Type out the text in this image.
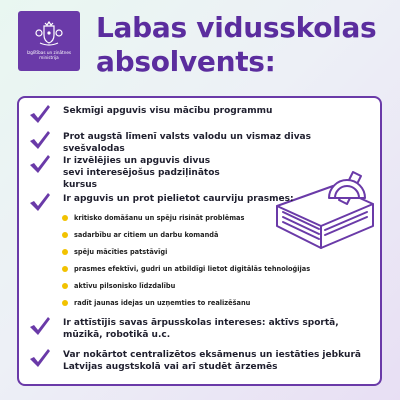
Izglītības un zinātnes ministrija
Labas vidusskolas
absolvents:
Sekmīgi apguvis visu mācību programmu
Prot augstā līmenī valsts valodu un vismaz divas svešvalodas
Ir izvēlējies un apguvis divus sevi interesējošus padziļinātos kursus
Ir apguvis un prot pielietot caurviju prasmes:
kritisko domāšanu un spēju risināt problēmas
sadarbību ar citiem un darbu komandā
spēju mācīties patstāvīgi
prasmes efektīvi, gudri un atbildīgi lietot digitālās tehnoloģijas
aktīvu pilsonisko līdzdalību
radīt jaunas idejas un uzņemties to realizēšanu
Ir attīstījis savas ārpusskolas intereses: aktīvs sportā, mūzikā, robotikā u.c.
Var nokārtot centralizētos eksāmenus un iestāties jebkurā Latvijas augstskolā vai arī studēt ārzemēs
